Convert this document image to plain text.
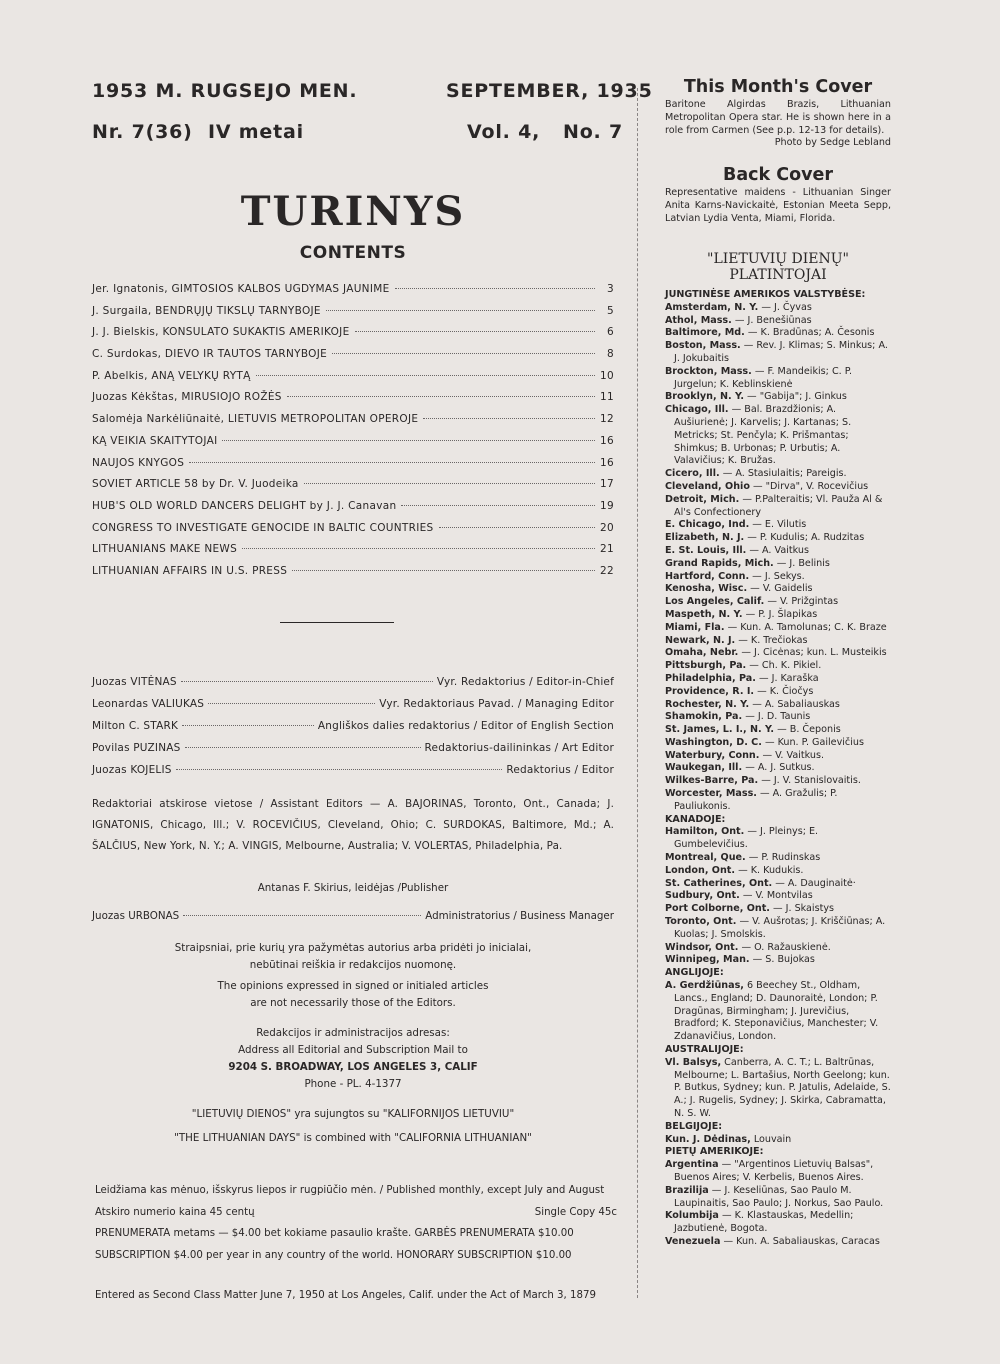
1953 M. RUGSEJO MEN.	SEPTEMBER, 1935
Nr. 7(36) IV metai	Vol. 4, No. 7
TURINYS
CONTENTS
Jer. Ignatonis, GIMTOSIOS KALBOS UGDYMAS JAUNIME	3
J. Surgaila, BENDRŲJŲ TIKSLŲ TARNYBOJE	5
J. J. Bielskis, KONSULATO SUKAKTIS AMERIKOJE	6
C. Surdokas, DIEVO IR TAUTOS TARNYBOJE	8
P. Abelkis, ANĄ VELYKŲ RYTĄ	10
Juozas Kėkštas, MIRUSIOJO ROŽĖS	11
Salomėja Narkėliūnaitė, LIETUVIS METROPOLITAN OPEROJE	12
KĄ VEIKIA SKAITYTOJAI	16
NAUJOS KNYGOS	16
SOVIET ARTICLE 58 by Dr. V. Juodeika	17
HUB'S OLD WORLD DANCERS DELIGHT by J. J. Canavan	19
CONGRESS TO INVESTIGATE GENOCIDE IN BALTIC COUNTRIES	20
LITHUANIANS MAKE NEWS	21
LITHUANIAN AFFAIRS IN U.S. PRESS	22
Juozas VITĖNAS	Vyr. Redaktorius / Editor-in-Chief
Leonardas VALIUKAS	Vyr. Redaktoriaus Pavad. / Managing Editor
Milton C. STARK	Angliškos dalies redaktorius / Editor of English Section
Povilas PUZINAS	Redaktorius-dailininkas / Art Editor
Juozas KOJELIS	Redaktorius / Editor
Redaktoriai atskirose vietose / Assistant Editors — A. BAJORINAS, Toronto, Ont., Canada; J. IGNATONIS, Chicago, Ill.; V. ROCEVIČIUS, Cleveland, Ohio; C. SURDOKAS, Baltimore, Md.; A. ŠALČIUS, New York, N. Y.; A. VINGIS, Melbourne, Australia; V. VOLERTAS, Philadelphia, Pa.
Antanas F. Skirius, leidėjas /Publisher
Juozas URBONAS	Administratorius / Business Manager
Straipsniai, prie kurių yra pažymėtas autorius arba pridėti jo inicialai,
nebūtinai reiškia ir redakcijos nuomonę.
The opinions expressed in signed or initialed articles
are not necessarily those of the Editors.
Redakcijos ir administracijos adresas:
Address all Editorial and Subscription Mail to
9204 S. BROADWAY, LOS ANGELES 3, CALIF
Phone - PL. 4-1377
"LIETUVIŲ DIENOS" yra sujungtos su "KALIFORNIJOS LIETUVIU"
"THE LITHUANIAN DAYS" is combined with "CALIFORNIA LITHUANIAN"
Leidžiama kas mėnuo, išskyrus liepos ir rugpiūčio mėn. / Published monthly, except July and August
Atskiro numerio kaina 45 centų	Single Copy 45c
PRENUMERATA metams — $4.00 bet kokiame pasaulio krašte. GARBĖS PRENUMERATA $10.00
SUBSCRIPTION $4.00 per year in any country of the world. HONORARY SUBSCRIPTION $10.00
Entered as Second Class Matter June 7, 1950 at Los Angeles, Calif. under the Act of March 3, 1879
This Month's Cover
Baritone Algirdas Brazis, Lithuanian Metropolitan Opera star. He is shown here in a role from Carmen (See p.p. 12-13 for details).
Photo by Sedge Lebland
Back Cover
Representative maidens - Lithuanian Singer Anita Karns-Navickaitė, Estonian Meeta Sepp, Latvian Lydia Venta, Miami, Florida.
"LIETUVIŲ DIENŲ"
PLATINTOJAI
JUNGTINĖSE AMERIKOS VALSTYBĖSE:
Amsterdam, N. Y. — J. Čyvas
Athol, Mass. — J. Benešiūnas
Baltimore, Md. — K. Bradūnas; A. Česonis
Boston, Mass. — Rev. J. Klimas; S. Minkus; A. J. Jokubaitis
Brockton, Mass. — F. Mandeikis; C. P. Jurgelun; K. Keblinskienė
Brooklyn, N. Y. — "Gabija"; J. Ginkus
Chicago, Ill. — Bal. Brazdžionis; A. Aušiurienė; J. Karvelis; J. Kartanas; S. Metricks; St. Penčyla; K. Prišmantas; Shimkus; B. Urbonas; P. Urbutis; A. Valavičius; K. Bružas.
Cicero, Ill. — A. Stasiulaitis; Pareigis.
Cleveland, Ohio — "Dirva", V. Rocevičius
Detroit, Mich. — P.Palteraitis; Vl. Pauža Al & Al's Confectionery
E. Chicago, Ind. — E. Vilutis
Elizabeth, N. J. — P. Kudulis; A. Rudzitas
E. St. Louis, Ill. — A. Vaitkus
Grand Rapids, Mich. — J. Belinis
Hartford, Conn. — J. Sekys.
Kenosha, Wisc. — V. Gaidelis
Los Angeles, Calif. — V. Prižgintas
Maspeth, N. Y. — P. J. Šlapikas
Miami, Fla. — Kun. A. Tamolunas; C. K. Braze
Newark, N. J. — K. Trečiokas
Omaha, Nebr. — J. Cicėnas; kun. L. Musteikis
Pittsburgh, Pa. — Ch. K. Pikiel.
Philadelphia, Pa. — J. Karaška
Providence, R. I. — K. Čiočys
Rochester, N. Y. — A. Sabaliauskas
Shamokin, Pa. — J. D. Taunis
St. James, L. I., N. Y. — B. Čeponis
Washington, D. C. — Kun. P. Gailevičius
Waterbury, Conn. — V. Vaitkus.
Waukegan, Ill. — A. J. Sutkus.
Wilkes-Barre, Pa. — J. V. Stanislovaitis.
Worcester, Mass. — A. Gražulis; P. Pauliukonis.
KANADOJE:
Hamilton, Ont. — J. Pleinys; E. Gumbelevičius.
Montreal, Que. — P. Rudinskas
London, Ont. — K. Kudukis.
St. Catherines, Ont. — A. Dauginaitė·
Sudbury, Ont. — V. Montvilas
Port Colborne, Ont. — J. Skaistys
Toronto, Ont. — V. Aušrotas; J. Kriščiūnas; A. Kuolas; J. Smolskis.
Windsor, Ont. — O. Ražauskienė.
Winnipeg, Man. — S. Bujokas
ANGLIJOJE:
A. Gerdžiūnas, 6 Beechey St., Oldham, Lancs., England; D. Daunoraitė, London; P. Dragūnas, Birmingham; J. Jurevičius, Bradford; K. Steponavičius, Manchester; V. Zdanavičius, London.
AUSTRALIJOJE:
Vl. Balsys, Canberra, A. C. T.; L. Baltrūnas, Melbourne; L. Bartašius, North Geelong; kun. P. Butkus, Sydney; kun. P. Jatulis, Adelaide, S. A.; J. Rugelis, Sydney; J. Skirka, Cabramatta, N. S. W.
BELGIJOJE:
Kun. J. Dėdinas, Louvain
PIETŲ AMERIKOJE:
Argentina — "Argentinos Lietuvių Balsas", Buenos Aires; V. Kerbelis, Buenos Aires.
Brazilija — J. Keseliūnas, Sao Paulo M. Laupinaitis, Sao Paulo; J. Norkus, Sao Paulo.
Kolumbija — K. Klastauskas, Medellin; Jazbutienė, Bogota.
Venezuela — Kun. A. Sabaliauskas, Caracas
